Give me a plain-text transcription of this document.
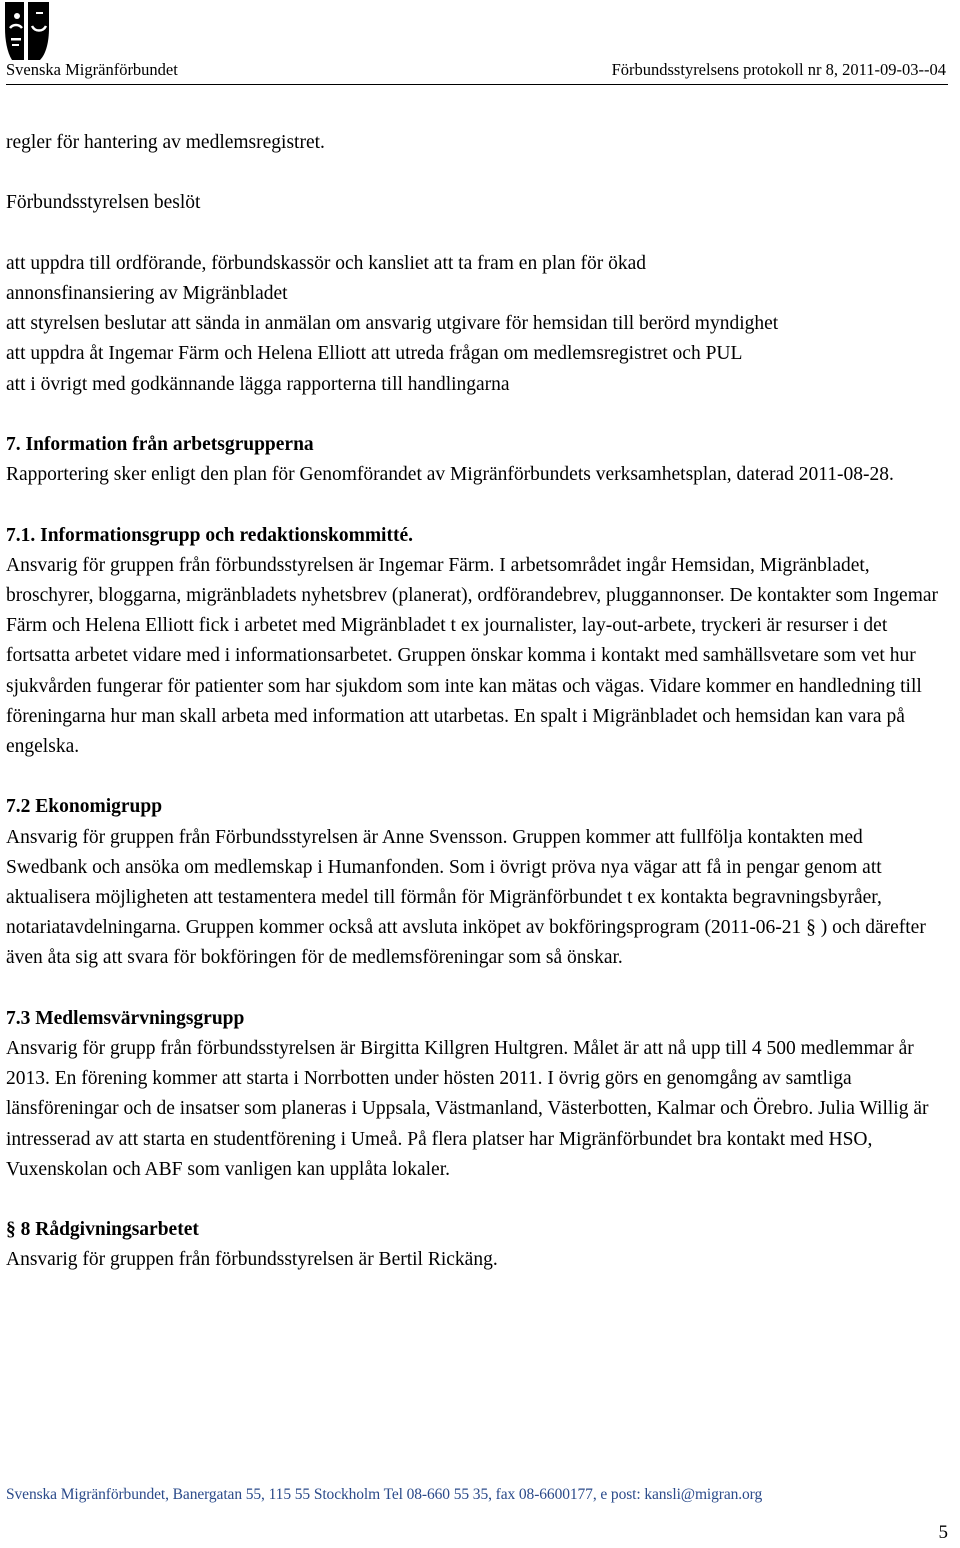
Svenska Migränförbundet	Förbundsstyrelsens protokoll nr 8, 2011-09-03--04

regler för hantering av medlemsregistret.

Förbundsstyrelsen beslöt

att uppdra till ordförande, förbundskassör och kansliet att ta fram en plan för ökad

annonsfinansiering av Migränbladet

att styrelsen beslutar att sända in anmälan om ansvarig utgivare för hemsidan till berörd myndighet

att uppdra åt Ingemar Färm och Helena Elliott att utreda frågan om medlemsregistret och PUL

att i övrigt med godkännande lägga rapporterna till handlingarna

7. Information från arbetsgrupperna

Rapportering sker enligt den plan för Genomförandet av Migränförbundets verksamhetsplan, daterad 2011-08-28.

7.1. Informationsgrupp och redaktionskommitté.

Ansvarig för gruppen från förbundsstyrelsen är Ingemar Färm. I arbetsområdet ingår Hemsidan, Migränbladet, broschyrer, bloggarna, migränbladets nyhetsbrev (planerat), ordförandebrev, pluggannonser. De kontakter som Ingemar Färm och Helena Elliott fick i arbetet med Migränbladet t ex journalister, lay-out-arbete, tryckeri är resurser i det fortsatta arbetet vidare med i informationsarbetet. Gruppen önskar komma i kontakt med samhällsvetare som vet hur sjukvården fungerar för patienter som har sjukdom som inte kan mätas och vägas. Vidare kommer en handledning till föreningarna hur man skall arbeta med information att utarbetas. En spalt i Migränbladet och hemsidan kan vara på engelska.

7.2 Ekonomigrupp

Ansvarig för gruppen från Förbundsstyrelsen är Anne Svensson. Gruppen kommer att fullfölja kontakten med Swedbank och ansöka om medlemskap i Humanfonden. Som i övrigt pröva nya vägar att få in pengar genom att aktualisera möjligheten att testamentera medel till förmån för Migränförbundet t ex kontakta begravningsbyråer, notariatavdelningarna. Gruppen kommer också att avsluta inköpet av bokföringsprogram (2011-06-21 § ) och därefter även åta sig att svara för bokföringen för de medlemsföreningar som så önskar.

7.3 Medlemsvärvningsgrupp

Ansvarig för grupp från förbundsstyrelsen är Birgitta Killgren Hultgren. Målet är att nå upp till 4 500 medlemmar år 2013. En förening kommer att starta i Norrbotten under hösten 2011. I övrig görs en genomgång av samtliga länsföreningar och de insatser som planeras i Uppsala, Västmanland, Västerbotten, Kalmar och Örebro. Julia Willig är intresserad av att starta en studentförening i Umeå. På flera platser har Migränförbundet bra kontakt med HSO, Vuxenskolan och ABF som vanligen kan upplåta lokaler.

§ 8 Rådgivningsarbetet

Ansvarig för gruppen från förbundsstyrelsen är Bertil Rickäng.

Svenska Migränförbundet, Banergatan 55, 115 55 Stockholm Tel 08-660 55 35, fax 08-6600177, e post: kansli@migran.org
5
